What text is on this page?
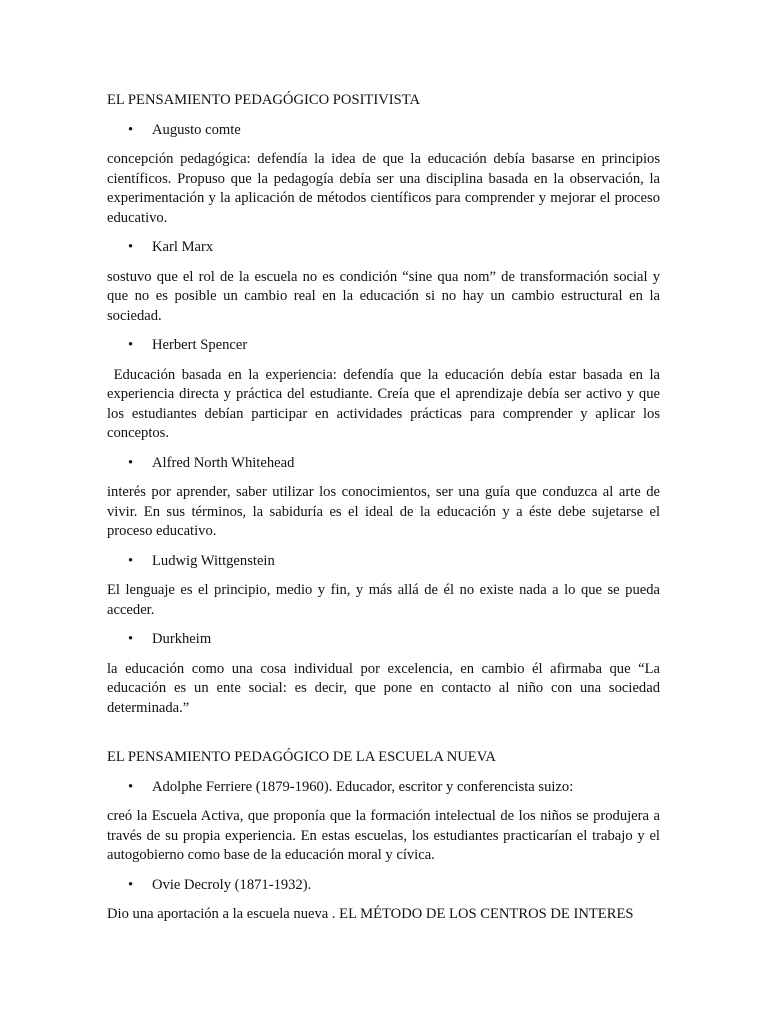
EL PENSAMIENTO PEDAGÓGICO POSITIVISTA
• Augusto comte

concepción pedagógica: defendía la idea de que la educación debía basarse en principios científicos. Propuso que la pedagogía debía ser una disciplina basada en la observación, la experimentación y la aplicación de métodos científicos para comprender y mejorar el proceso educativo.

• Karl Marx

sostuvo que el rol de la escuela no es condición “sine qua nom” de transformación social y que no es posible un cambio real en la educación si no hay un cambio estructural en la sociedad.

• Herbert Spencer

Educación basada en la experiencia: defendía que la educación debía estar basada en la experiencia directa y práctica del estudiante. Creía que el aprendizaje debía ser activo y que los estudiantes debían participar en actividades prácticas para comprender y aplicar los conceptos.

• Alfred North Whitehead

interés por aprender, saber utilizar los conocimientos, ser una guía que conduzca al arte de vivir. En sus términos, la sabiduría es el ideal de la educación y a éste debe sujetarse el proceso educativo.

• Ludwig Wittgenstein

El lenguaje es el principio, medio y fin, y más allá de él no existe nada a lo que se pueda acceder.

• Durkheim

la educación como una cosa individual por excelencia, en cambio él afirmaba que “La educación es un ente social: es decir, que pone en contacto al niño con una sociedad determinada.”

EL PENSAMIENTO PEDAGÓGICO DE LA ESCUELA NUEVA
• Adolphe Ferriere (1879-1960). Educador, escritor y conferencista suizo:

creó la Escuela Activa, que proponía que la formación intelectual de los niños se produjera a través de su propia experiencia. En estas escuelas, los estudiantes practicarían el trabajo y el autogobierno como base de la educación moral y cívica.

• Ovie Decroly (1871-1932).

Dio una aportación a la escuela nueva . EL MÉTODO DE LOS CENTROS DE INTERES
